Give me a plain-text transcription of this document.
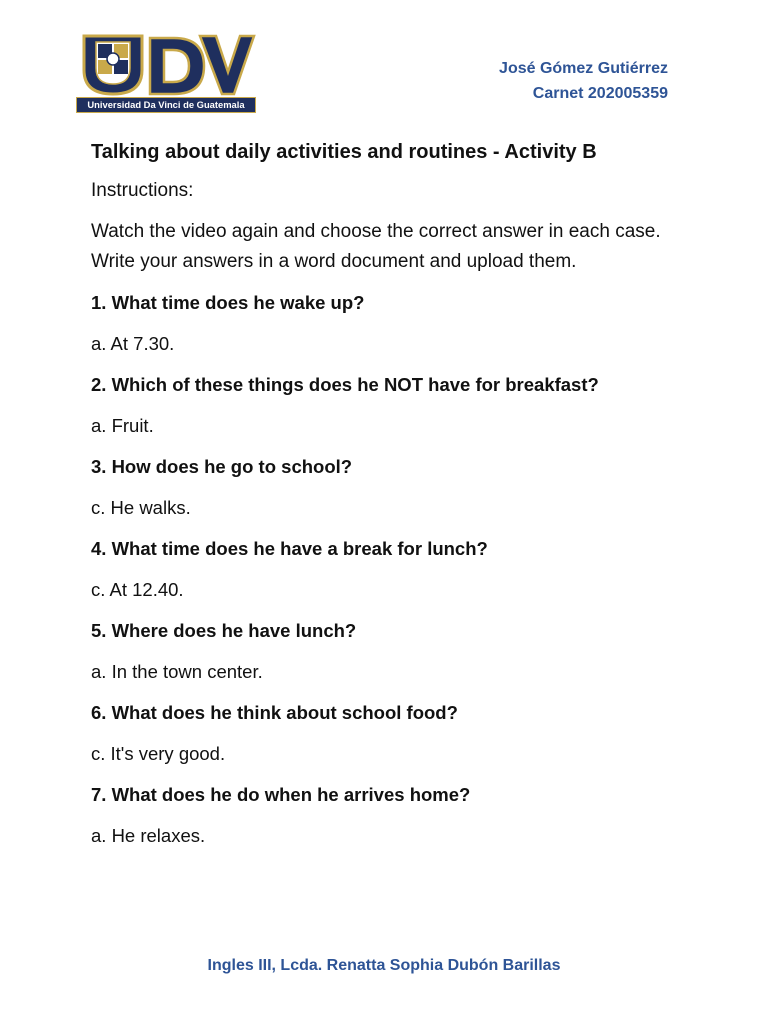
Universidad Da Vinci de Guatemala
José Gómez Gutiérrez
Carnet 202005359
Talking about daily activities and routines - Activity B
Instructions:
Watch the video again and choose the correct answer in each case. Write your answers in a word document and upload them.
1. What time does he wake up?
a. At 7.30.
2. Which of these things does he NOT have for breakfast?
a. Fruit.
3. How does he go to school?
c. He walks.
4. What time does he have a break for lunch?
c. At 12.40.
5. Where does he have lunch?
a. In the town center.
6. What does he think about school food?
c. It's very good.
7. What does he do when he arrives home?
a. He relaxes.
Ingles III, Lcda. Renatta Sophia Dubón Barillas
